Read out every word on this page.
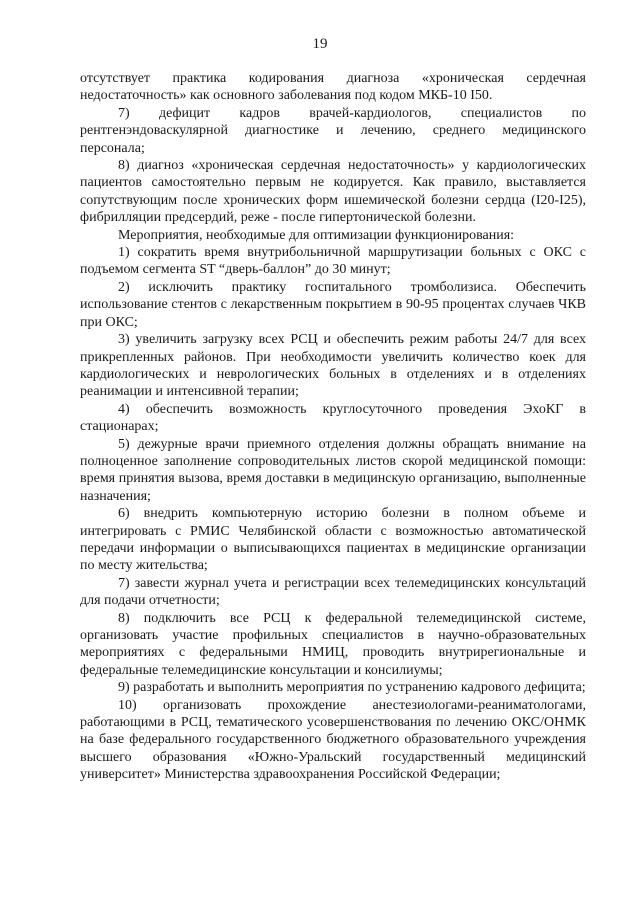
19

отсутствует практика кодирования диагноза «хроническая сердечная недостаточность» как основного заболевания под кодом МКБ-10 I50.

7) дефицит кадров врачей-кардиологов, специалистов по рентгенэндоваскулярной диагностике и лечению, среднего медицинского персонала;

8) диагноз «хроническая сердечная недостаточность» у кардиологических пациентов самостоятельно первым не кодируется. Как правило, выставляется сопутствующим после хронических форм ишемической болезни сердца (I20-I25), фибрилляции предсердий, реже - после гипертонической болезни.

Мероприятия, необходимые для оптимизации функционирования:

1) сократить время внутрибольничной маршрутизации больных с ОКС с подъемом сегмента ST “дверь-баллон” до 30 минут;

2) исключить практику госпитального тромболизиса. Обеспечить использование стентов с лекарственным покрытием в 90-95 процентах случаев ЧКВ при ОКС;

3) увеличить загрузку всех РСЦ и обеспечить режим работы 24/7 для всех прикрепленных районов. При необходимости увеличить количество коек для кардиологических и неврологических больных в отделениях и в отделениях реанимации и интенсивной терапии;

4) обеспечить возможность круглосуточного проведения ЭхоКГ в стационарах;

5) дежурные врачи приемного отделения должны обращать внимание на полноценное заполнение сопроводительных листов скорой медицинской помощи: время принятия вызова, время доставки в медицинскую организацию, выполненные назначения;

6) внедрить компьютерную историю болезни в полном объеме и интегрировать с РМИС Челябинской области с возможностью автоматической передачи информации о выписывающихся пациентах в медицинские организации по месту жительства;

7) завести журнал учета и регистрации всех телемедицинских консультаций для подачи отчетности;

8) подключить все РСЦ к федеральной телемедицинской системе, организовать участие профильных специалистов в научно-образовательных мероприятиях с федеральными НМИЦ, проводить внутрирегиональные и федеральные телемедицинские консультации и консилиумы;

9) разработать и выполнить мероприятия по устранению кадрового дефицита;

10) организовать прохождение анестезиологами-реаниматологами, работающими в РСЦ, тематического усовершенствования по лечению ОКС/ОНМК на базе федерального государственного бюджетного образовательного учреждения высшего образования «Южно-Уральский государственный медицинский университет» Министерства здравоохранения Российской Федерации;
